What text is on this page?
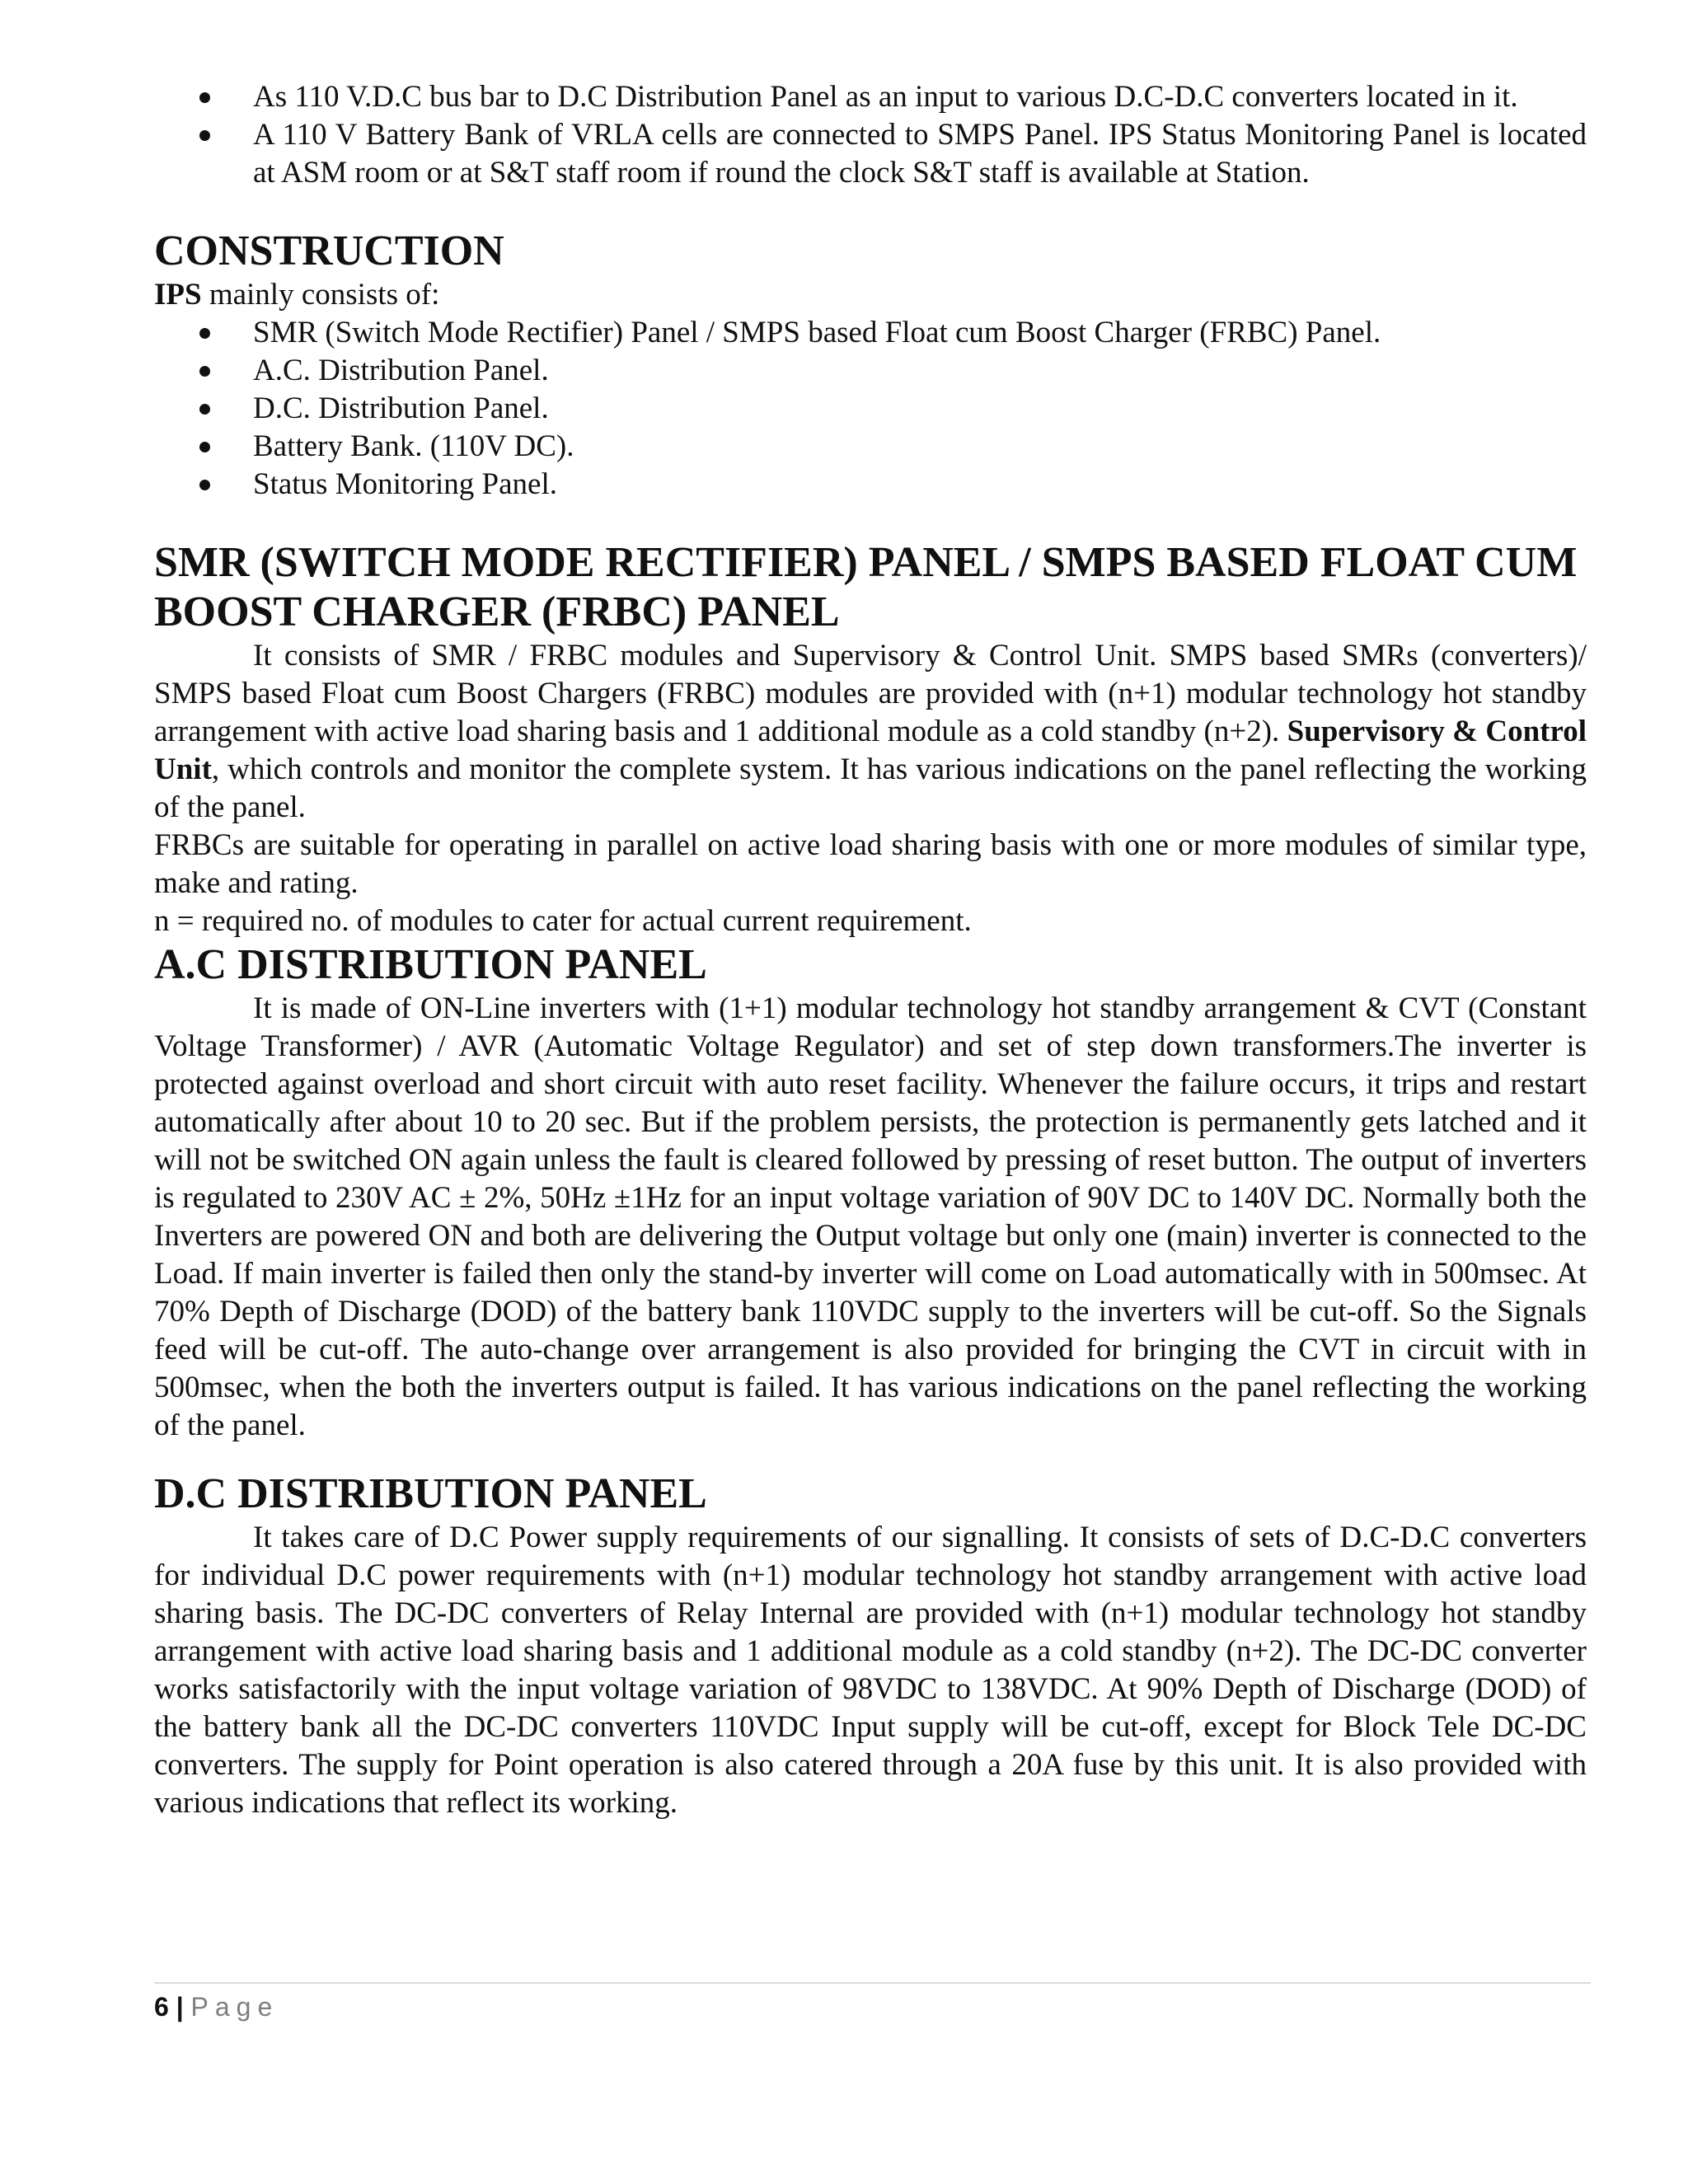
As 110 V.D.C bus bar to D.C Distribution Panel as an input to various D.C-D.C converters located in it.
A 110 V Battery Bank of VRLA cells are connected to SMPS Panel. IPS Status Monitoring Panel is located at ASM room or at S&T staff room if round the clock S&T staff is available at Station.
CONSTRUCTION

IPS mainly consists of:

SMR (Switch Mode Rectifier) Panel / SMPS based Float cum Boost Charger (FRBC) Panel.
A.C. Distribution Panel.
D.C. Distribution Panel.
Battery Bank. (110V DC).
Status Monitoring Panel.
SMR (SWITCH MODE RECTIFIER) PANEL / SMPS BASED FLOAT CUM BOOST CHARGER (FRBC) PANEL

It consists of SMR / FRBC modules and Supervisory & Control Unit. SMPS based SMRs (converters)/ SMPS based Float cum Boost Chargers (FRBC) modules are provided with (n+1) modular technology hot standby arrangement with active load sharing basis and 1 additional module as a cold standby (n+2). Supervisory & Control Unit, which controls and monitor the complete system. It has various indications on the panel reflecting the working of the panel.

FRBCs are suitable for operating in parallel on active load sharing basis with one or more modules of similar type, make and rating.

n = required no. of modules to cater for actual current requirement.

A.C DISTRIBUTION PANEL

It is made of ON-Line inverters with (1+1) modular technology hot standby arrangement & CVT (Constant Voltage Transformer) / AVR (Automatic Voltage Regulator) and set of step down transformers.The inverter is protected against overload and short circuit with auto reset facility. Whenever the failure occurs, it trips and restart automatically after about 10 to 20 sec. But if the problem persists, the protection is permanently gets latched and it will not be switched ON again unless the fault is cleared followed by pressing of reset button. The output of inverters is regulated to 230V AC ± 2%, 50Hz ±1Hz for an input voltage variation of 90V DC to 140V DC. Normally both the Inverters are powered ON and both are delivering the Output voltage but only one (main) inverter is connected to the Load. If main inverter is failed then only the stand-by inverter will come on Load automatically with in 500msec. At 70% Depth of Discharge (DOD) of the battery bank 110VDC supply to the inverters will be cut-off. So the Signals feed will be cut-off. The auto-change over arrangement is also provided for bringing the CVT in circuit with in 500msec, when the both the inverters output is failed. It has various indications on the panel reflecting the working of the panel.

D.C DISTRIBUTION PANEL

It takes care of D.C Power supply requirements of our signalling. It consists of sets of D.C-D.C converters for individual D.C power requirements with (n+1) modular technology hot standby arrangement with active load sharing basis. The DC-DC converters of Relay Internal are provided with (n+1) modular technology hot standby arrangement with active load sharing basis and 1 additional module as a cold standby (n+2). The DC-DC converter works satisfactorily with the input voltage variation of 98VDC to 138VDC. At 90% Depth of Discharge (DOD) of the battery bank all the DC-DC converters 110VDC Input supply will be cut-off, except for Block Tele DC-DC converters. The supply for Point operation is also catered through a 20A fuse by this unit. It is also provided with various indications that reflect its working.

6 | Page
